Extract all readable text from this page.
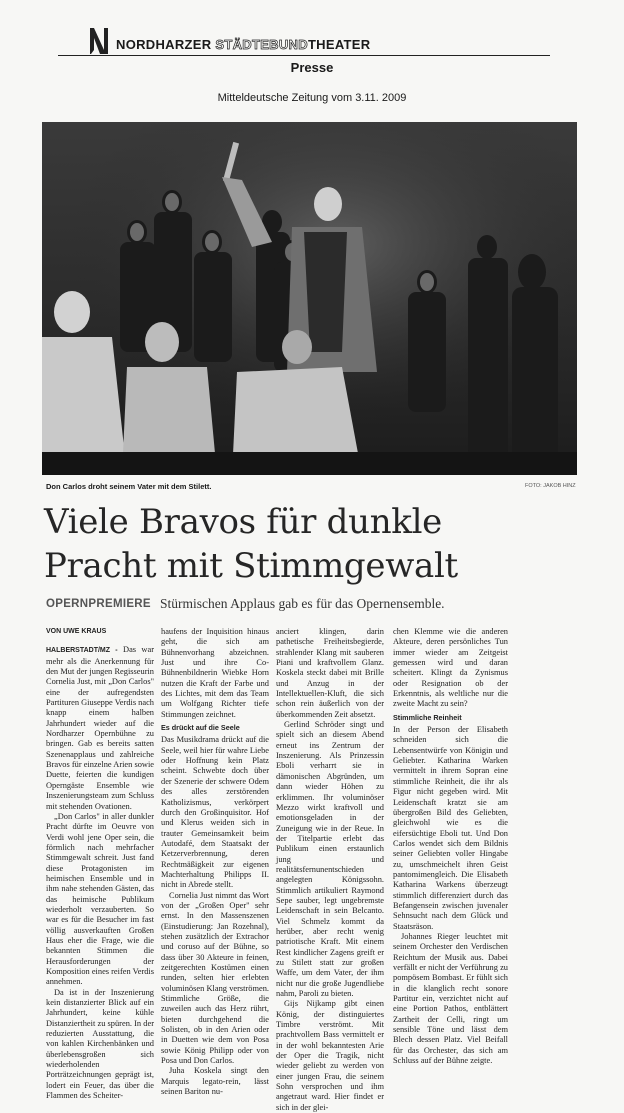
NORDHARZER STÄDTEBUNDTHEATER
Presse
Mitteldeutsche Zeitung vom 3.11. 2009
Don Carlos droht seinem Vater mit dem Stilett.	FOTO: JAKOB HINZ
Viele Bravos für dunkle
Pracht mit Stimmgewalt
OPERNPREMIERE Stürmischen Applaus gab es für das Opernensemble.
VON UWE KRAUS

HALBERSTADT/MZ - Das war mehr als die Anerkennung für den Mut der jungen Regisseurin Cornelia Just, mit „Don Carlos" eine der aufregendsten Partituren Giuseppe Verdis nach knapp einem halben Jahrhundert wieder auf die Nordharzer Opernbühne zu bringen. Gab es bereits satten Szenenapplaus und zahlreiche Bravos für einzelne Arien sowie Duette, feierten die kundigen Operngäste Ensemble wie Inszenierungsteam zum Schluss mit stehenden Ovationen.

„Don Carlos" in aller dunkler Pracht dürfte im Oeuvre von Verdi wohl jene Oper sein, die förmlich nach mehrfacher Stimmgewalt schreit. Just fand diese Protagonisten im heimischen Ensemble und in ihm nahe stehenden Gästen, das das heimische Publikum wiederholt verzauberten. So war es für die Besucher im fast völlig ausverkauften Großen Haus eher die Frage, wie die bekannten Stimmen die Herausforderungen der Komposition eines reifen Verdis annehmen.

Da ist in der Inszenierung kein distanzierter Blick auf ein Jahrhundert, keine kühle Distanziertheit zu spüren. In der reduzierten Ausstattung, die von kahlen Kirchenbänken und überlebensgroßen sich wiederholenden Porträtzeichnungen geprägt ist, lodert ein Feuer, das über die Flammen des Scheiter-

haufens der Inquisition hinaus geht, die sich am Bühnenvorhang abzeichnen. Just und ihre Co-Bühnenbildnerin Wiebke Horn nutzen die Kraft der Farbe und des Lichtes, mit dem das Team um Wolfgang Richter tiefe Stimmungen zeichnet.

Es drückt auf die Seele

Das Musikdrama drückt auf die Seele, weil hier für wahre Liebe oder Hoffnung kein Platz scheint. Schwebte doch über der Szenerie der schwere Odem des alles zerstörenden Katholizismus, verkörpert durch den Großinquisitor. Hof und Klerus weiden sich in trauter Gemeinsamkeit beim Autodafé, dem Staatsakt der Ketzerverbrennung, deren Rechtmäßigkeit zur eigenen Machterhaltung Philipps II. nicht in Abrede stellt.

Cornelia Just nimmt das Wort von der „Großen Oper" sehr ernst. In den Massenszenen (Einstudierung: Jan Rozehnal), stehen zusätzlich der Extrachor und coruso auf der Bühne, so dass über 30 Akteure in feinen, zeitgerechten Kostümen einen runden, selten hier erlebten voluminösen Klang verströmen. Stimmliche Größe, die zuweilen auch das Herz rührt, bieten durchgehend die Solisten, ob in den Arien oder in Duetten wie dem von Posa sowie König Philipp oder von Posa und Don Carlos.

Juha Koskela singt den Marquis legato-rein, lässt seinen Bariton nu-

anciert klingen, darin pathetische Freiheitsbegierde, strahlender Klang mit sauberen Piani und kraftvollem Glanz. Koskela steckt dabei mit Brille und Anzug in der Intellektuellen-Kluft, die sich schon rein äußerlich von der überkommenden Zeit absetzt.

Gerlind Schröder singt und spielt sich an diesem Abend erneut ins Zentrum der Inszenierung. Als Prinzessin Eboli verharrt sie in dämonischen Abgründen, um dann wieder Höhen zu erklimmen. Ihr voluminöser Mezzo wirkt kraftvoll und emotionsgeladen in der Zuneigung wie in der Reue. In der Titelpartie erlebt das Publikum einen erstaunlich jung und realitätsfernunentschieden angelegten Königssohn. Stimmlich artikuliert Raymond Sepe sauber, legt ungebremste Leidenschaft in sein Belcanto. Viel Schmelz kommt da herüber, aber recht wenig patriotische Kraft. Mit einem Rest kindlicher Zagens greift er zu Stilett statt zur großen Waffe, um dem Vater, der ihm nicht nur die große Jugendliebe nahm, Paroli zu bieten.

Gijs Nijkamp gibt einen König, der distinguiertes Timbre verströmt. Mit prachtvollem Bass vermittelt er in der wohl bekanntesten Arie der Oper die Tragik, nicht wieder geliebt zu werden von einer jungen Frau, die seinem Sohn versprochen und ihm angetraut ward. Hier findet er sich in der glei-

chen Klemme wie die anderen Akteure, deren persönliches Tun immer wieder am Zeitgeist gemessen wird und daran scheitert. Klingt da Zynismus oder Resignation ob der Erkenntnis, als weltliche nur die zweite Macht zu sein?

Stimmliche Reinheit

In der Person der Elisabeth schneiden sich die Lebensentwürfe von Königin und Geliebter. Katharina Warken vermittelt in ihrem Sopran eine stimmliche Reinheit, die ihr als Figur nicht gegeben wird. Mit Leidenschaft kratzt sie am übergroßen Bild des Geliebten, gleichwohl wie es die eifersüchtige Eboli tut. Und Don Carlos wendet sich dem Bildnis seiner Geliebten voller Hingabe zu, umschmeichelt ihren Geist pantomimengleich. Die Elisabeth Katharina Warkens überzeugt stimmlich differenziert durch das Befangensein zwischen juvenaler Sehnsucht nach dem Glück und Staatsräson.

Johannes Rieger leuchtet mit seinem Orchester den Verdischen Reichtum der Musik aus. Dabei verfällt er nicht der Verführung zu pompösem Bombast. Er fühlt sich in die klanglich recht sonore Partitur ein, verzichtet nicht auf eine Portion Pathos, entblättert Zartheit der Celli, ringt um sensible Töne und lässt dem Blech dessen Platz. Viel Beifall für das Orchester, das sich am Schluss auf der Bühne zeigte.
